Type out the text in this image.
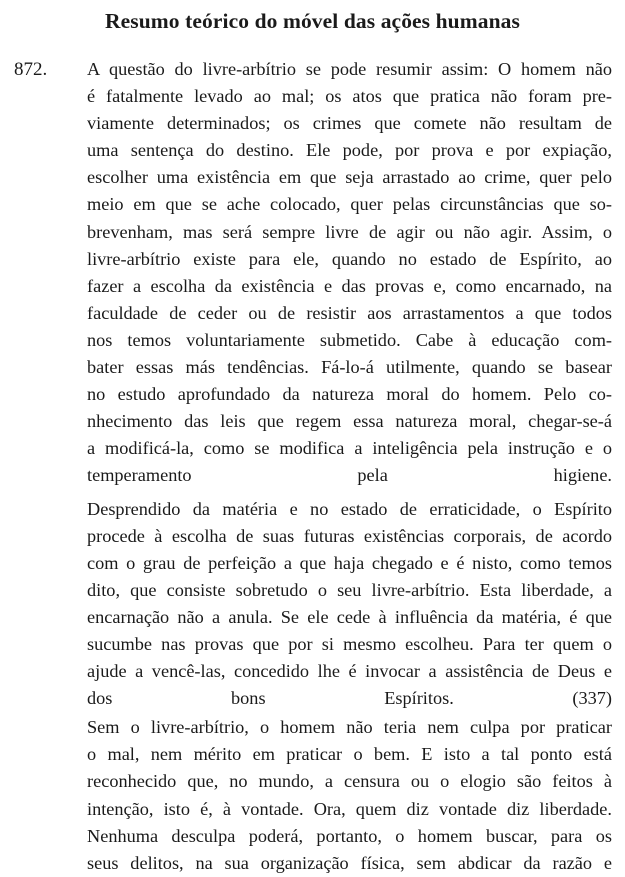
Resumo teórico do móvel das ações humanas
872. A questão do livre-arbítrio se pode resumir assim: O homem não
é fatalmente levado ao mal; os atos que pratica não foram pre-
viamente determinados; os crimes que comete não resultam de
uma sentença do destino. Ele pode, por prova e por expiação,
escolher uma existência em que seja arrastado ao crime, quer pelo
meio em que se ache colocado, quer pelas circunstâncias que so-
brevenham, mas será sempre livre de agir ou não agir. Assim, o
livre-arbítrio existe para ele, quando no estado de Espírito, ao
fazer a escolha da existência e das provas e, como encarnado, na
faculdade de ceder ou de resistir aos arrastamentos a que todos
nos temos voluntariamente submetido. Cabe à educação com-
bater essas más tendências. Fá-lo-á utilmente, quando se basear
no estudo aprofundado da natureza moral do homem. Pelo co-
nhecimento das leis que regem essa natureza moral, chegar-se-á
a modificá-la, como se modifica a inteligência pela instrução e o
temperamento pela higiene.

Desprendido da matéria e no estado de erraticidade, o Espírito
procede à escolha de suas futuras existências corporais, de acordo
com o grau de perfeição a que haja chegado e é nisto, como temos
dito, que consiste sobretudo o seu livre-arbítrio. Esta liberdade, a
encarnação não a anula. Se ele cede à influência da matéria, é que
sucumbe nas provas que por si mesmo escolheu. Para ter quem o
ajude a vencê-las, concedido lhe é invocar a assistência de Deus e
dos bons Espíritos. (337)

Sem o livre-arbítrio, o homem não teria nem culpa por praticar
o mal, nem mérito em praticar o bem. E isto a tal ponto está
reconhecido que, no mundo, a censura ou o elogio são feitos à
intenção, isto é, à vontade. Ora, quem diz vontade diz liberdade.
Nenhuma desculpa poderá, portanto, o homem buscar, para os
seus delitos, na sua organização física, sem abdicar da razão e
